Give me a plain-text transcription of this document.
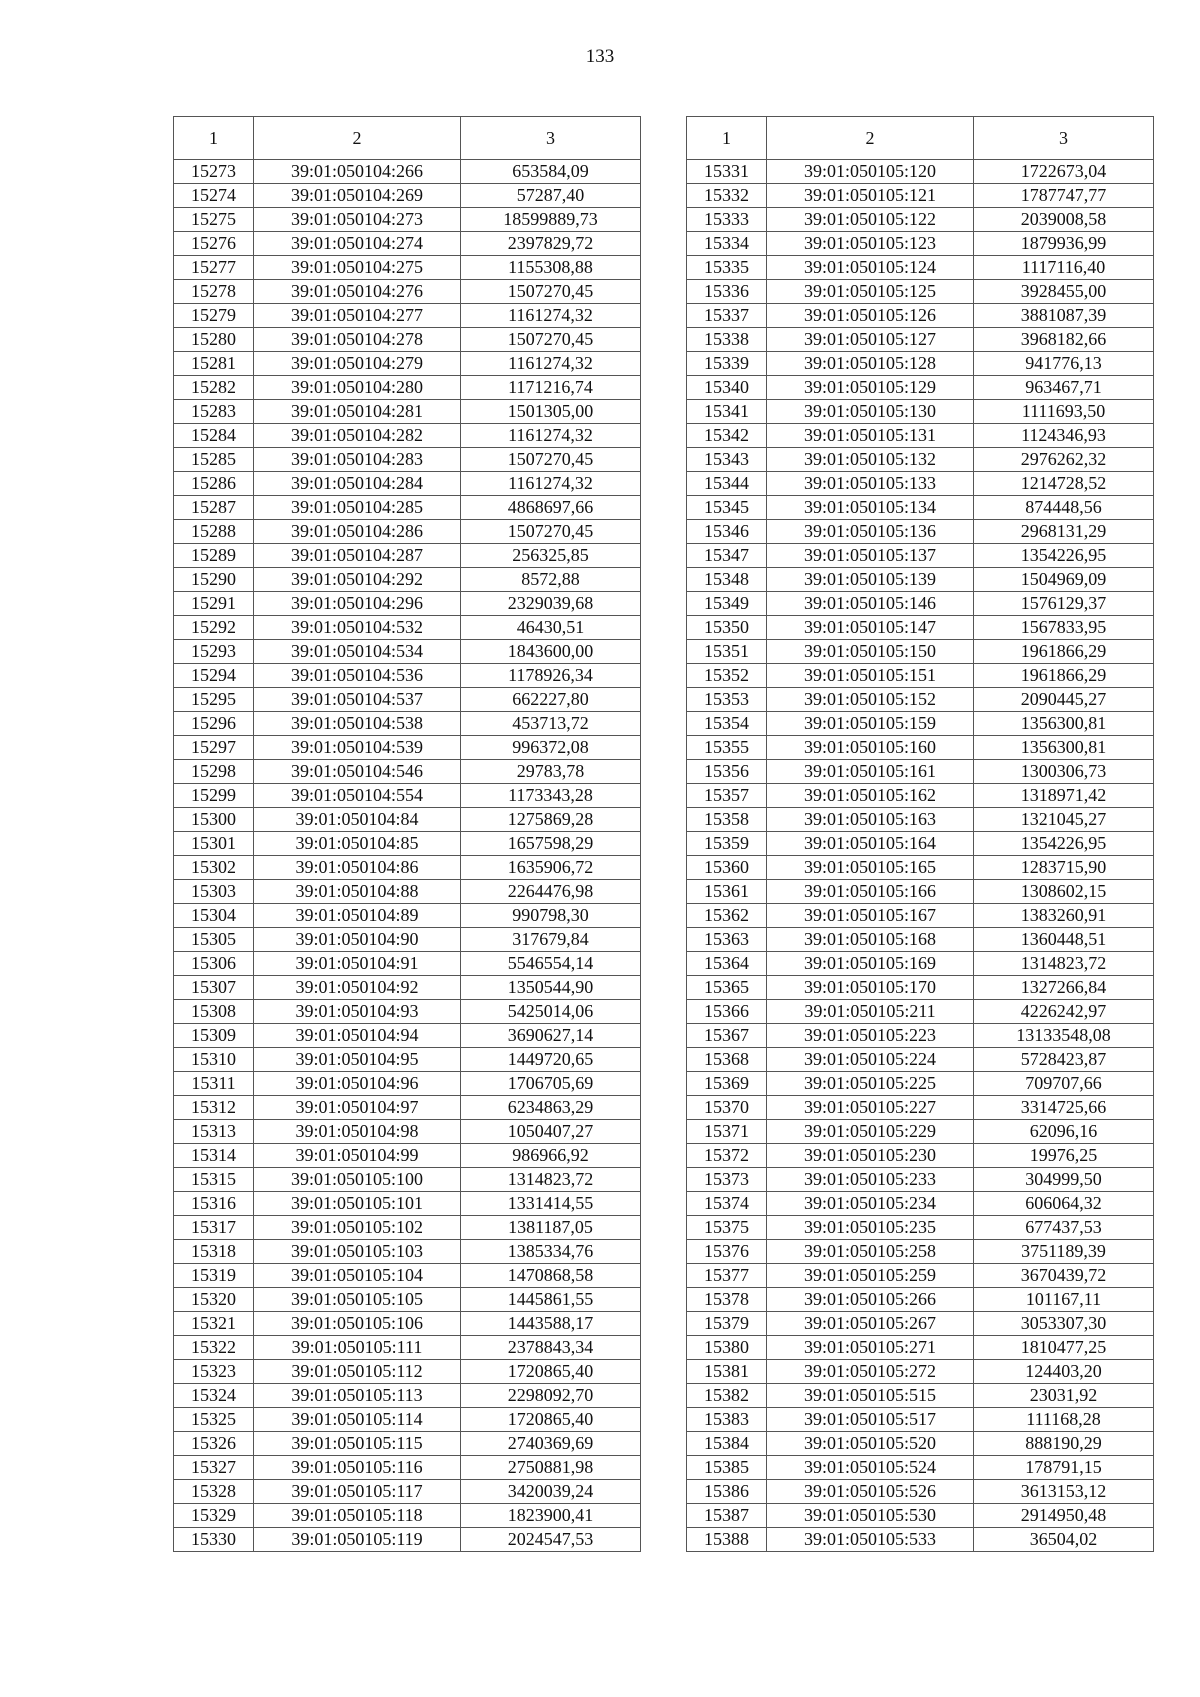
133
1	2	3
15273	39:01:050104:266	653584,09
15274	39:01:050104:269	57287,40
15275	39:01:050104:273	18599889,73
15276	39:01:050104:274	2397829,72
15277	39:01:050104:275	1155308,88
15278	39:01:050104:276	1507270,45
15279	39:01:050104:277	1161274,32
15280	39:01:050104:278	1507270,45
15281	39:01:050104:279	1161274,32
15282	39:01:050104:280	1171216,74
15283	39:01:050104:281	1501305,00
15284	39:01:050104:282	1161274,32
15285	39:01:050104:283	1507270,45
15286	39:01:050104:284	1161274,32
15287	39:01:050104:285	4868697,66
15288	39:01:050104:286	1507270,45
15289	39:01:050104:287	256325,85
15290	39:01:050104:292	8572,88
15291	39:01:050104:296	2329039,68
15292	39:01:050104:532	46430,51
15293	39:01:050104:534	1843600,00
15294	39:01:050104:536	1178926,34
15295	39:01:050104:537	662227,80
15296	39:01:050104:538	453713,72
15297	39:01:050104:539	996372,08
15298	39:01:050104:546	29783,78
15299	39:01:050104:554	1173343,28
15300	39:01:050104:84	1275869,28
15301	39:01:050104:85	1657598,29
15302	39:01:050104:86	1635906,72
15303	39:01:050104:88	2264476,98
15304	39:01:050104:89	990798,30
15305	39:01:050104:90	317679,84
15306	39:01:050104:91	5546554,14
15307	39:01:050104:92	1350544,90
15308	39:01:050104:93	5425014,06
15309	39:01:050104:94	3690627,14
15310	39:01:050104:95	1449720,65
15311	39:01:050104:96	1706705,69
15312	39:01:050104:97	6234863,29
15313	39:01:050104:98	1050407,27
15314	39:01:050104:99	986966,92
15315	39:01:050105:100	1314823,72
15316	39:01:050105:101	1331414,55
15317	39:01:050105:102	1381187,05
15318	39:01:050105:103	1385334,76
15319	39:01:050105:104	1470868,58
15320	39:01:050105:105	1445861,55
15321	39:01:050105:106	1443588,17
15322	39:01:050105:111	2378843,34
15323	39:01:050105:112	1720865,40
15324	39:01:050105:113	2298092,70
15325	39:01:050105:114	1720865,40
15326	39:01:050105:115	2740369,69
15327	39:01:050105:116	2750881,98
15328	39:01:050105:117	3420039,24
15329	39:01:050105:118	1823900,41
15330	39:01:050105:119	2024547,53
1	2	3
15331	39:01:050105:120	1722673,04
15332	39:01:050105:121	1787747,77
15333	39:01:050105:122	2039008,58
15334	39:01:050105:123	1879936,99
15335	39:01:050105:124	1117116,40
15336	39:01:050105:125	3928455,00
15337	39:01:050105:126	3881087,39
15338	39:01:050105:127	3968182,66
15339	39:01:050105:128	941776,13
15340	39:01:050105:129	963467,71
15341	39:01:050105:130	1111693,50
15342	39:01:050105:131	1124346,93
15343	39:01:050105:132	2976262,32
15344	39:01:050105:133	1214728,52
15345	39:01:050105:134	874448,56
15346	39:01:050105:136	2968131,29
15347	39:01:050105:137	1354226,95
15348	39:01:050105:139	1504969,09
15349	39:01:050105:146	1576129,37
15350	39:01:050105:147	1567833,95
15351	39:01:050105:150	1961866,29
15352	39:01:050105:151	1961866,29
15353	39:01:050105:152	2090445,27
15354	39:01:050105:159	1356300,81
15355	39:01:050105:160	1356300,81
15356	39:01:050105:161	1300306,73
15357	39:01:050105:162	1318971,42
15358	39:01:050105:163	1321045,27
15359	39:01:050105:164	1354226,95
15360	39:01:050105:165	1283715,90
15361	39:01:050105:166	1308602,15
15362	39:01:050105:167	1383260,91
15363	39:01:050105:168	1360448,51
15364	39:01:050105:169	1314823,72
15365	39:01:050105:170	1327266,84
15366	39:01:050105:211	4226242,97
15367	39:01:050105:223	13133548,08
15368	39:01:050105:224	5728423,87
15369	39:01:050105:225	709707,66
15370	39:01:050105:227	3314725,66
15371	39:01:050105:229	62096,16
15372	39:01:050105:230	19976,25
15373	39:01:050105:233	304999,50
15374	39:01:050105:234	606064,32
15375	39:01:050105:235	677437,53
15376	39:01:050105:258	3751189,39
15377	39:01:050105:259	3670439,72
15378	39:01:050105:266	101167,11
15379	39:01:050105:267	3053307,30
15380	39:01:050105:271	1810477,25
15381	39:01:050105:272	124403,20
15382	39:01:050105:515	23031,92
15383	39:01:050105:517	111168,28
15384	39:01:050105:520	888190,29
15385	39:01:050105:524	178791,15
15386	39:01:050105:526	3613153,12
15387	39:01:050105:530	2914950,48
15388	39:01:050105:533	36504,02
